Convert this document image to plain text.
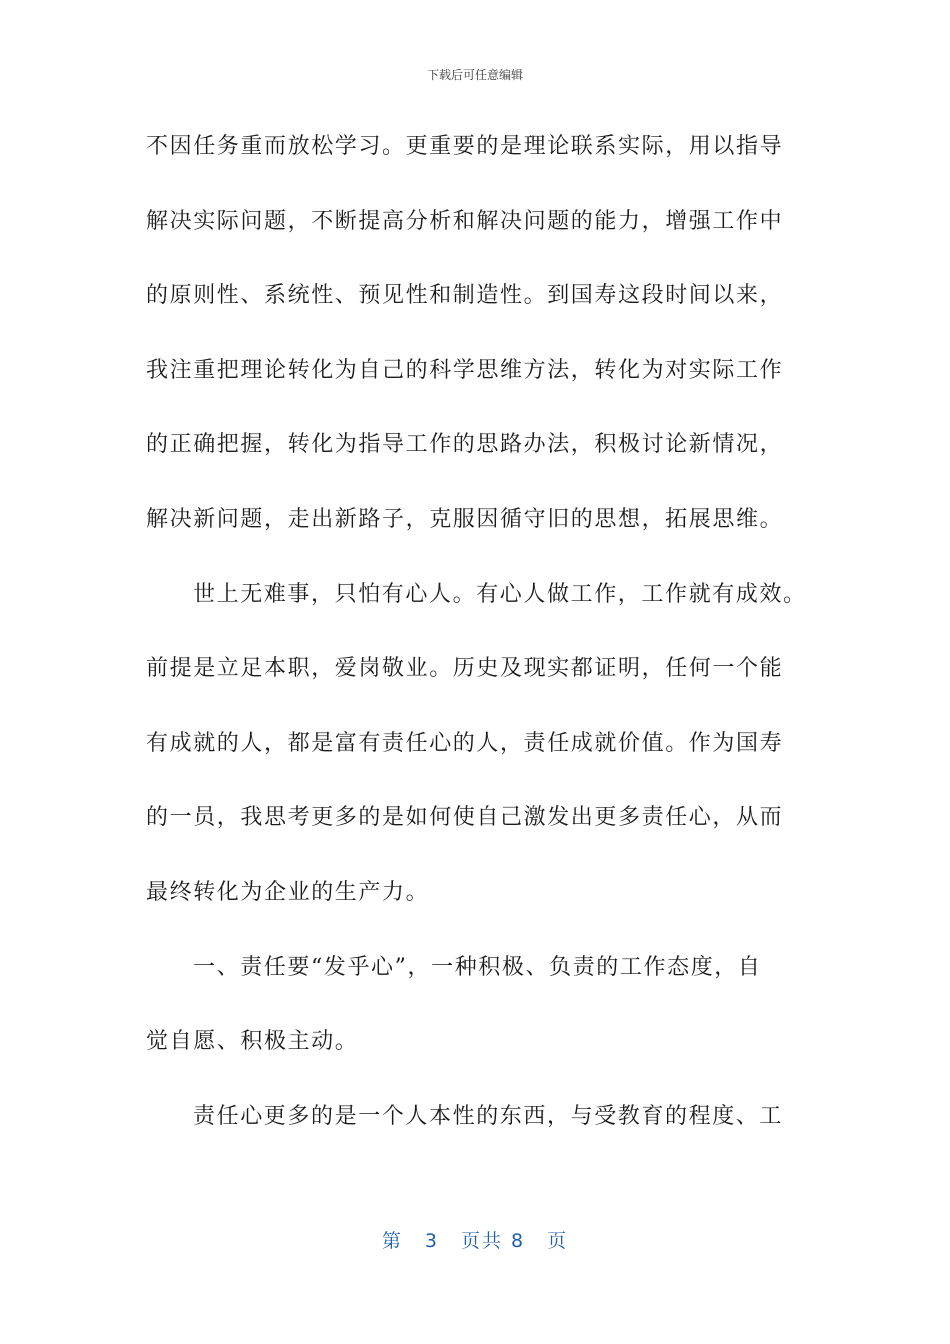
下载后可任意编辑
不因任务重而放松学习。更重要的是理论联系实际，用以指导
解决实际问题，不断提高分析和解决问题的能力，增强工作中
的原则性、系统性、预见性和制造性。到国寿这段时间以来，
我注重把理论转化为自己的科学思维方法，转化为对实际工作
的正确把握，转化为指导工作的思路办法，积极讨论新情况，
解决新问题，走出新路子，克服因循守旧的思想，拓展思维。
世上无难事，只怕有心人。有心人做工作，工作就有成效。
前提是立足本职，爱岗敬业。历史及现实都证明，任何一个能
有成就的人，都是富有责任心的人，责任成就价值。作为国寿
的一员，我思考更多的是如何使自己激发出更多责任心，从而
最终转化为企业的生产力。
一、责任要“发乎心”，一种积极、负责的工作态度，自
觉自愿、积极主动。
责任心更多的是一个人本性的东西，与受教育的程度、工
第 3 页共 8 页
